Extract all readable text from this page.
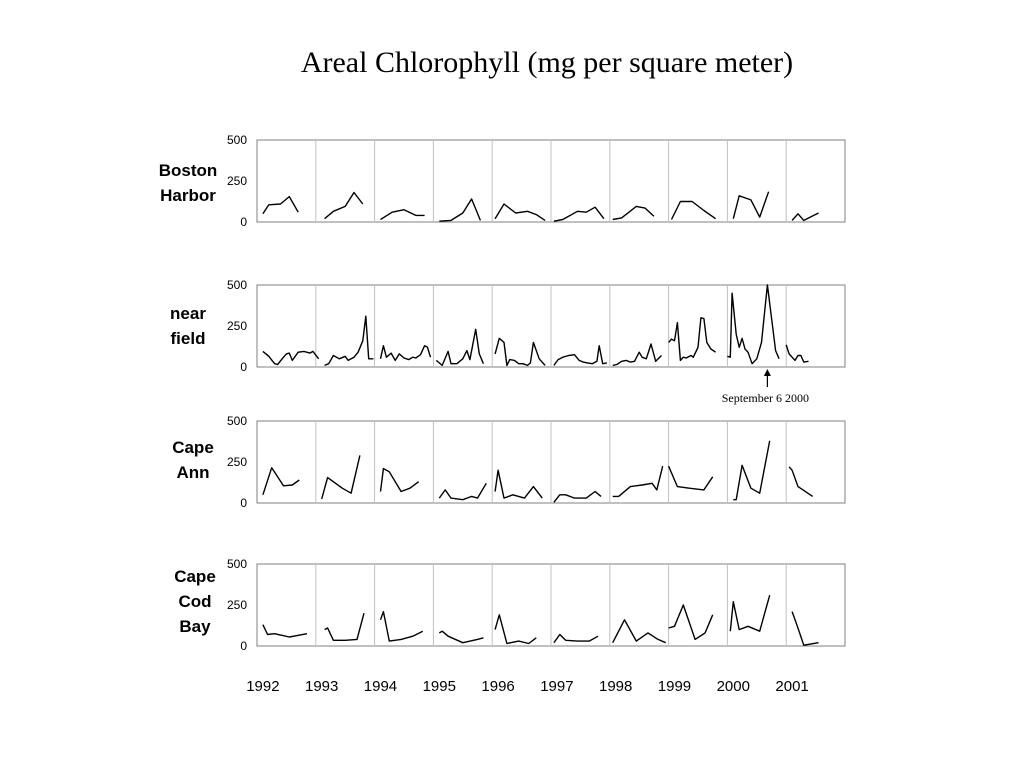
Areal Chlorophyll (mg per square meter)
500
250
0
Boston
Harbor
500
250
0
near
field
500
250
0
Cape
Ann
500
250
0
Cape
Cod
Bay
1992 1993 1994 1995 1996 1997 1998 1999 2000 2001
September 6 2000
